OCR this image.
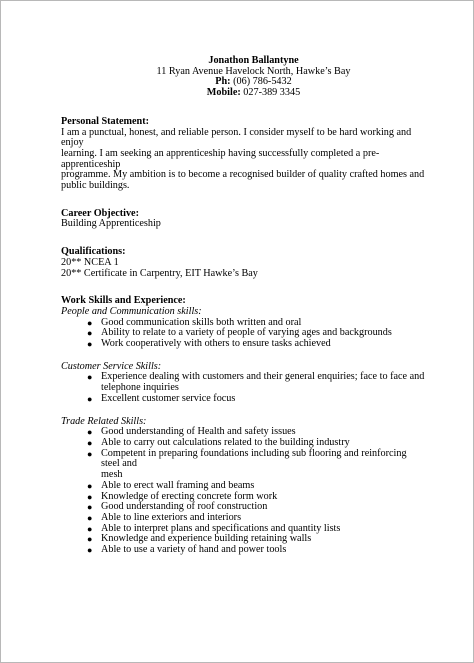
Jonathon Ballantyne
11 Ryan Avenue Havelock North, Hawke’s Bay
Ph: (06) 786-5432
Mobile: 027-389 3345
Personal Statement:
I am a punctual, honest, and reliable person. I consider myself to be hard working and enjoy
learning. I am seeking an apprenticeship having successfully completed a pre-apprenticeship
programme. My ambition is to become a recognised builder of quality crafted homes and
public buildings.
Career Objective:
Building Apprenticeship
Qualifications:
20** NCEA 1
20** Certificate in Carpentry, EIT Hawke’s Bay
Work Skills and Experience:
People and Communication skills:
● Good communication skills both written and oral
● Ability to relate to a variety of people of varying ages and backgrounds
● Work cooperatively with others to ensure tasks achieved
Customer Service Skills:
● Experience dealing with customers and their general enquiries; face to face and
telephone inquiries
● Excellent customer service focus
Trade Related Skills:
● Good understanding of Health and safety issues
● Able to carry out calculations related to the building industry
● Competent in preparing foundations including sub flooring and reinforcing steel and
mesh
● Able to erect wall framing and beams
● Knowledge of erecting concrete form work
● Good understanding of roof construction
● Able to line exteriors and interiors
● Able to interpret plans and specifications and quantity lists
● Knowledge and experience building retaining walls
● Able to use a variety of hand and power tools
